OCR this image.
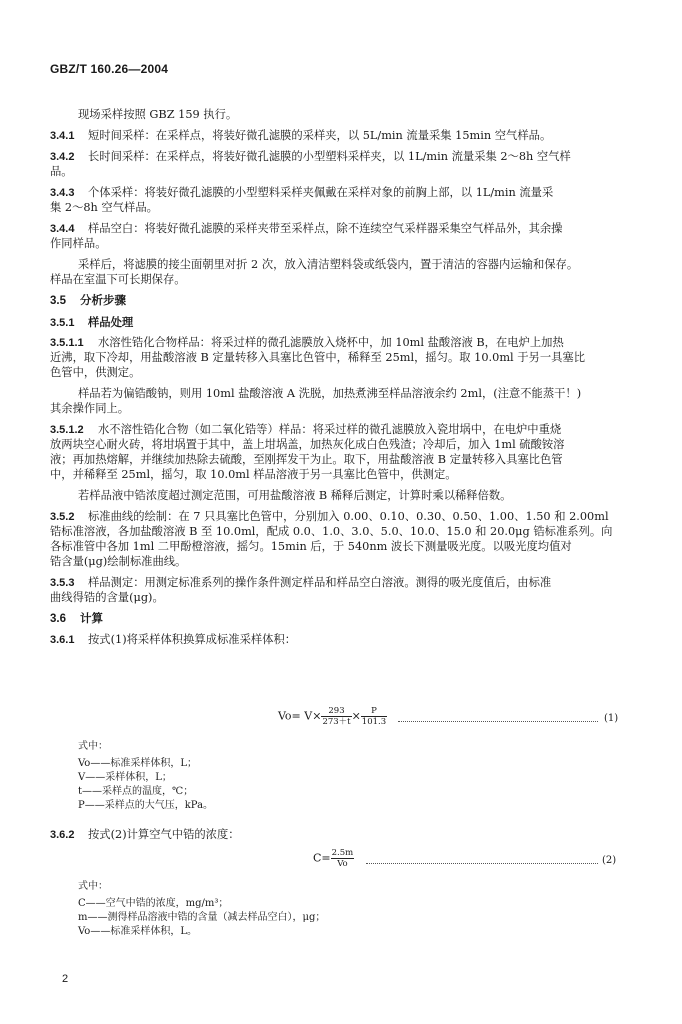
GBZ/T 160.26—2004
现场采样按照 GBZ 159 执行。
3.4.1 短时间采样：在采样点，将装好微孔滤膜的采样夹，以 5L/min 流量采集 15min 空气样品。
3.4.2 长时间采样：在采样点，将装好微孔滤膜的小型塑料采样夹，以 1L/min 流量采集 2～8h 空气样
品。
3.4.3 个体采样：将装好微孔滤膜的小型塑料采样夹佩戴在采样对象的前胸上部，以 1L/min 流量采
集 2～8h 空气样品。
3.4.4 样品空白：将装好微孔滤膜的采样夹带至采样点，除不连续空气采样器采集空气样品外，其余操
作同样品。
采样后，将滤膜的接尘面朝里对折 2 次，放入清洁塑料袋或纸袋内，置于清洁的容器内运输和保存。
样品在室温下可长期保存。
3.5 分析步骤
3.5.1 样品处理
3.5.1.1 水溶性锆化合物样品：将采过样的微孔滤膜放入烧杯中，加 10ml 盐酸溶液 B，在电炉上加热
近沸，取下冷却，用盐酸溶液 B 定量转移入具塞比色管中，稀释至 25ml，摇匀。取 10.0ml 于另一具塞比
色管中，供测定。
样品若为偏锆酸钠，则用 10ml 盐酸溶液 A 洗脱，加热煮沸至样品溶液余约 2ml，(注意不能蒸干！)
其余操作同上。
3.5.1.2 水不溶性锆化合物（如二氧化锆等）样品：将采过样的微孔滤膜放入瓷坩埚中，在电炉中重烧
放两块空心耐火砖，将坩埚置于其中，盖上坩埚盖，加热灰化成白色残渣；冷却后，加入 1ml 硫酸铵溶
液；再加热熔解，并继续加热除去硫酸，至刚挥发干为止。取下，用盐酸溶液 B 定量转移入具塞比色管
中，并稀释至 25ml，摇匀，取 10.0ml 样品溶液于另一具塞比色管中，供测定。
若样品液中锆浓度超过测定范围，可用盐酸溶液 B 稀释后测定，计算时乘以稀释倍数。
3.5.2 标准曲线的绘制：在 7 只具塞比色管中，分别加入 0.00、0.10、0.30、0.50、1.00、1.50 和 2.00ml
锆标准溶液，各加盐酸溶液 B 至 10.0ml，配成 0.0、1.0、3.0、5.0、10.0、15.0 和 20.0μg 锆标准系列。向
各标准管中各加 1ml 二甲酚橙溶液，摇匀。15min 后，于 540nm 波长下测量吸光度。以吸光度均值对
锆含量(μg)绘制标准曲线。
3.5.3 样品测定：用测定标准系列的操作条件测定样品和样品空白溶液。测得的吸光度值后，由标准
曲线得锆的含量(μg)。
3.6 计算
3.6.1 按式(1)将采样体积换算成标准采样体积：
$Vo= V\times \frac{293}{273+t} \times \frac{P}{101.3}$	(1)
式中：
Vo——标准采样体积，L；
V——采样体积，L；
t——采样点的温度，℃；
P——采样点的大气压，kPa。
3.6.2 按式(2)计算空气中锆的浓度：
$C= \frac{2.5m}{Vo}$	(2)
式中：
C——空气中锆的浓度，mg/m³；
m——测得样品溶液中锆的含量（减去样品空白），μg；
Vo——标准采样体积，L。
2
